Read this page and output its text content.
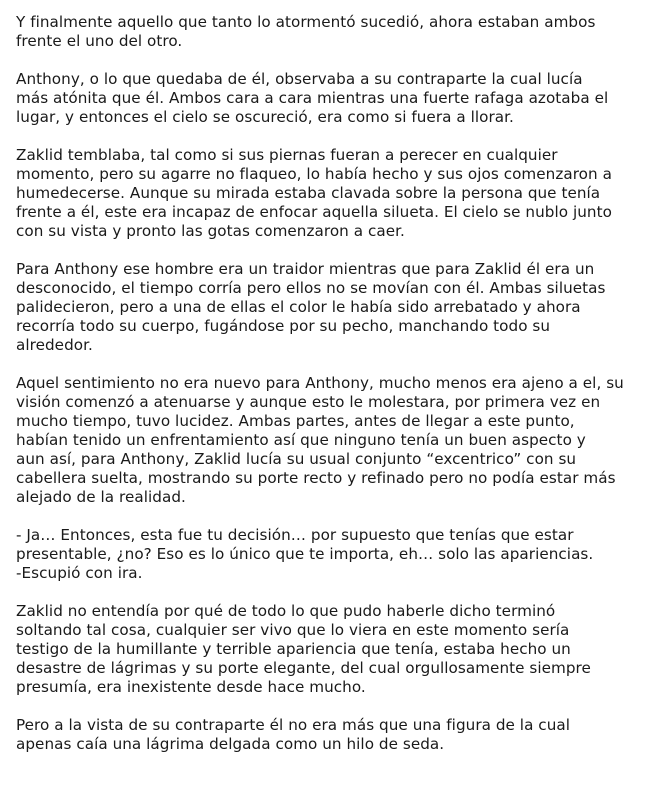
Y finalmente aquello que tanto lo atormentó sucedió, ahora estaban ambos
frente el uno del otro.
Anthony, o lo que quedaba de él, observaba a su contraparte la cual lucía
más atónita que él. Ambos cara a cara mientras una fuerte rafaga azotaba el
lugar, y entonces el cielo se oscureció, era como si fuera a llorar.
Zaklid temblaba, tal como si sus piernas fueran a perecer en cualquier
momento, pero su agarre no flaqueo, lo había hecho y sus ojos comenzaron a
humedecerse. Aunque su mirada estaba clavada sobre la persona que tenía
frente a él, este era incapaz de enfocar aquella silueta. El cielo se nublo junto
con su vista y pronto las gotas comenzaron a caer.
Para Anthony ese hombre era un traidor mientras que para Zaklid él era un
desconocido, el tiempo corría pero ellos no se movían con él. Ambas siluetas
palidecieron, pero a una de ellas el color le había sido arrebatado y ahora
recorría todo su cuerpo, fugándose por su pecho, manchando todo su
alrededor.
Aquel sentimiento no era nuevo para Anthony, mucho menos era ajeno a el, su
visión comenzó a atenuarse y aunque esto le molestara, por primera vez en
mucho tiempo, tuvo lucidez. Ambas partes, antes de llegar a este punto,
habían tenido un enfrentamiento así que ninguno tenía un buen aspecto y
aun así, para Anthony, Zaklid lucía su usual conjunto “excentrico” con su
cabellera suelta, mostrando su porte recto y refinado pero no podía estar más
alejado de la realidad.
- Ja… Entonces, esta fue tu decisión… por supuesto que tenías que estar
presentable, ¿no? Eso es lo único que te importa, eh… solo las apariencias.
-Escupió con ira.
Zaklid no entendía por qué de todo lo que pudo haberle dicho terminó
soltando tal cosa, cualquier ser vivo que lo viera en este momento sería
testigo de la humillante y terrible apariencia que tenía, estaba hecho un
desastre de lágrimas y su porte elegante, del cual orgullosamente siempre
presumía, era inexistente desde hace mucho.
Pero a la vista de su contraparte él no era más que una figura de la cual
apenas caía una lágrima delgada como un hilo de seda.
